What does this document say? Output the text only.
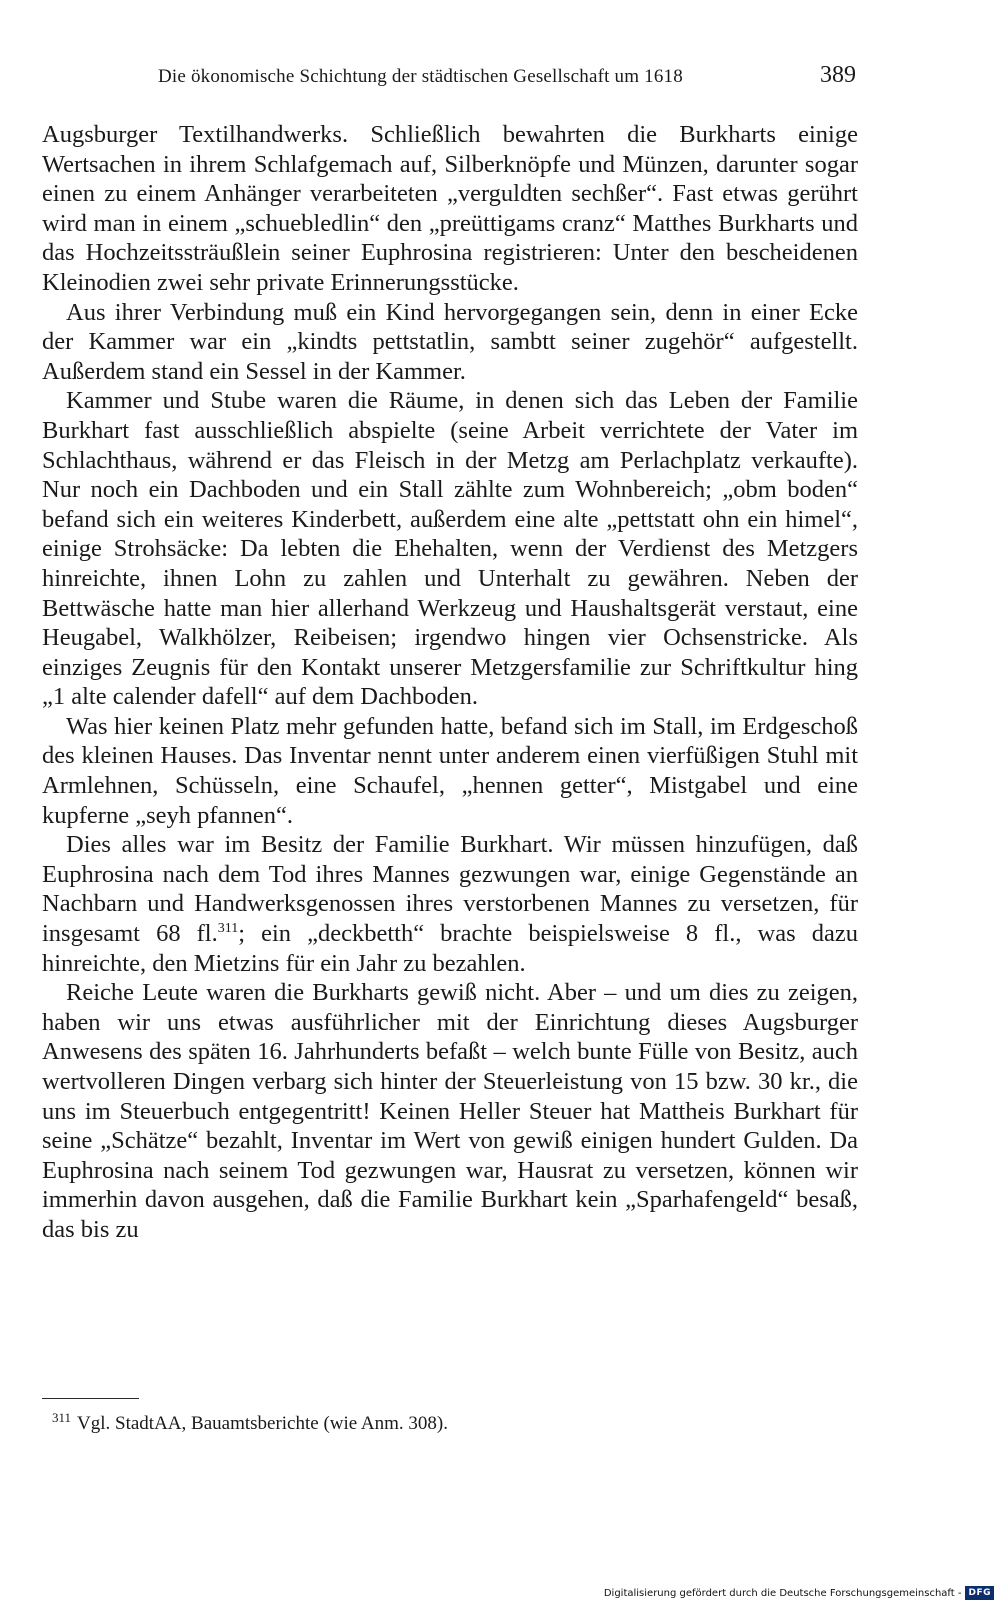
Die ökonomische Schichtung der städtischen Gesellschaft um 1618	389

Augsburger Textilhandwerks. Schließlich bewahrten die Burkharts einige Wertsachen in ihrem Schlafgemach auf, Silberknöpfe und Münzen, darunter sogar einen zu einem Anhänger verarbeiteten „verguldten sechßer“. Fast etwas gerührt wird man in einem „schuebledlin“ den „preüttigams cranz“ Matthes Burkharts und das Hochzeitssträußlein seiner Euphrosina registrieren: Unter den bescheidenen Kleinodien zwei sehr private Erinnerungsstücke.

Aus ihrer Verbindung muß ein Kind hervorgegangen sein, denn in einer Ecke der Kammer war ein „kindts pettstatlin, sambtt seiner zugehör“ aufgestellt. Außerdem stand ein Sessel in der Kammer.

Kammer und Stube waren die Räume, in denen sich das Leben der Familie Burkhart fast ausschließlich abspielte (seine Arbeit verrichtete der Vater im Schlachthaus, während er das Fleisch in der Metzg am Perlachplatz verkaufte). Nur noch ein Dachboden und ein Stall zählte zum Wohnbereich; „obm boden“ befand sich ein weiteres Kinderbett, außerdem eine alte „pettstatt ohn ein himel“, einige Strohsäcke: Da lebten die Ehehalten, wenn der Verdienst des Metzgers hinreichte, ihnen Lohn zu zahlen und Unterhalt zu gewähren. Neben der Bettwäsche hatte man hier allerhand Werkzeug und Haushaltsgerät verstaut, eine Heugabel, Walkhölzer, Reibeisen; irgendwo hingen vier Ochsenstricke. Als einziges Zeugnis für den Kontakt unserer Metzgersfamilie zur Schriftkultur hing „1 alte calender dafell“ auf dem Dachboden.

Was hier keinen Platz mehr gefunden hatte, befand sich im Stall, im Erdgeschoß des kleinen Hauses. Das Inventar nennt unter anderem einen vierfüßigen Stuhl mit Armlehnen, Schüsseln, eine Schaufel, „hennen getter“, Mistgabel und eine kupferne „seyh pfannen“.

Dies alles war im Besitz der Familie Burkhart. Wir müssen hinzufügen, daß Euphrosina nach dem Tod ihres Mannes gezwungen war, einige Gegenstände an Nachbarn und Handwerksgenossen ihres verstorbenen Mannes zu versetzen, für insgesamt 68 fl.$^{311}$; ein „deckbetth“ brachte beispielsweise 8 fl., was dazu hinreichte, den Mietzins für ein Jahr zu bezahlen.

Reiche Leute waren die Burkharts gewiß nicht. Aber – und um dies zu zeigen, haben wir uns etwas ausführlicher mit der Einrichtung dieses Augsburger Anwesens des späten 16. Jahrhunderts befaßt – welch bunte Fülle von Besitz, auch wertvolleren Dingen verbarg sich hinter der Steuerleistung von 15 bzw. 30 kr., die uns im Steuerbuch entgegentritt! Keinen Heller Steuer hat Mattheis Burkhart für seine „Schätze“ bezahlt, Inventar im Wert von gewiß einigen hundert Gulden. Da Euphrosina nach seinem Tod gezwungen war, Hausrat zu versetzen, können wir immerhin davon ausgehen, daß die Familie Burkhart kein „Sparhafengeld“ besaß, das bis zu

$^{311}$ Vgl. StadtAA, Bauamtsberichte (wie Anm. 308).
Digitalisierung gefördert durch die Deutsche Forschungsgemeinschaft - DFG
